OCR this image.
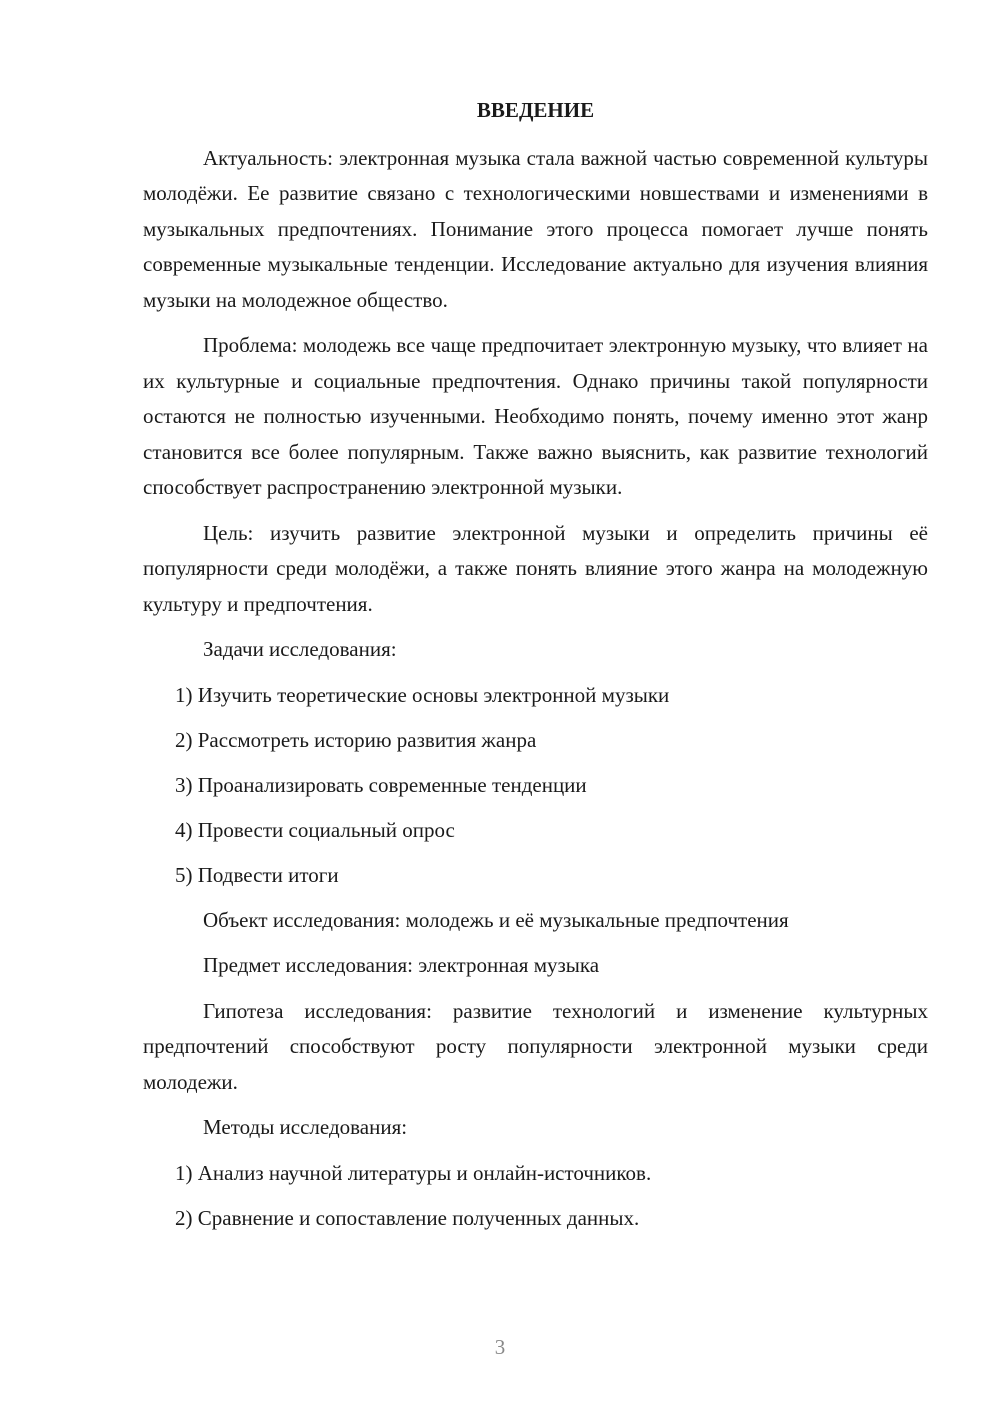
ВВЕДЕНИЕ

Актуальность: электронная музыка стала важной частью современной культуры молодёжи. Ее развитие связано с технологическими новшествами и изменениями в музыкальных предпочтениях. Понимание этого процесса помогает лучше понять современные музыкальные тенденции. Исследование актуально для изучения влияния музыки на молодежное общество.

Проблема: молодежь все чаще предпочитает электронную музыку, что влияет на их культурные и социальные предпочтения. Однако причины такой популярности остаются не полностью изученными. Необходимо понять, почему именно этот жанр становится все более популярным. Также важно выяснить, как развитие технологий способствует распространению электронной музыки.

Цель: изучить развитие электронной музыки и определить причины её популярности среди молодёжи, а также понять влияние этого жанра на молодежную культуру и предпочтения.

Задачи исследования:

1) Изучить теоретические основы электронной музыки
2) Рассмотреть историю развития жанра
3) Проанализировать современные тенденции
4) Провести социальный опрос
5) Подвести итоги

Объект исследования: молодежь и её музыкальные предпочтения

Предмет исследования: электронная музыка

Гипотеза исследования: развитие технологий и изменение культурных предпочтений способствуют росту популярности электронной музыки среди молодежи.

Методы исследования:

1) Анализ научной литературы и онлайн-источников.
2) Сравнение и сопоставление полученных данных.
3
